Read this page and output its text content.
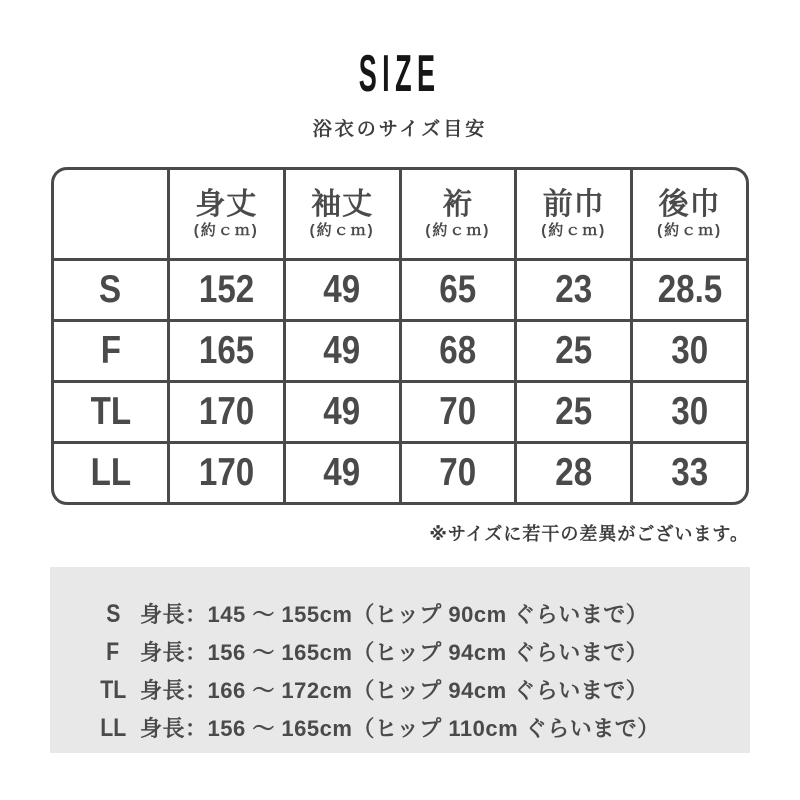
SIZE
浴衣のサイズ目安
身丈
(約ｃｍ)
袖丈
(約ｃｍ)
裄
(約ｃｍ)
前巾
(約ｃｍ)
後巾
(約ｃｍ)
S 152 49 65 23 28.5
F 165 49 68 25 30
TL 170 49 70 25 30
LL 170 49 70 28 33
※サイズに若干の差異がございます。
S 身長：145 ～ 155cm（ヒップ 90cm ぐらいまで）
F 身長：156 ～ 165cm（ヒップ 94cm ぐらいまで）
TL 身長：166 ～ 172cm（ヒップ 94cm ぐらいまで）
LL 身長：156 ～ 165cm（ヒップ 110cm ぐらいまで）
